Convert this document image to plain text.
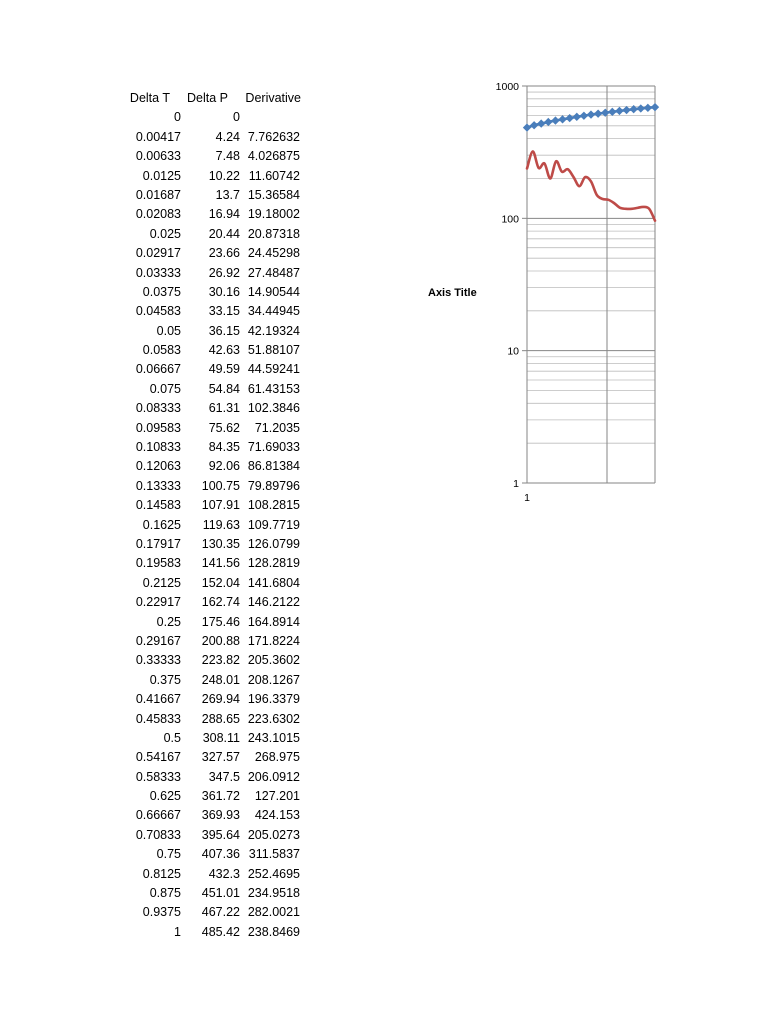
Delta T	Delta P	Derivative
0	0
0.00417	4.24 7.762632
0.00633	7.48 4.026875
0.0125	10.22 11.60742
0.01687	13.7 15.36584
0.02083	16.94 19.18002
0.025	20.44 20.87318
0.02917	23.66 24.45298
0.03333	26.92 27.48487
0.0375	30.16 14.90544
0.04583	33.15 34.44945
0.05	36.15 42.19324
0.0583	42.63 51.88107
0.06667	49.59 44.59241
0.075	54.84 61.43153
0.08333	61.31 102.3846
0.09583	75.62	71.2035
0.10833	84.35 71.69033
0.12063	92.06 86.81384
0.13333	100.75 79.89796
0.14583	107.91 108.2815
0.1625	119.63 109.7719
0.17917	130.35 126.0799
0.19583	141.56 128.2819
0.2125	152.04 141.6804
0.22917	162.74 146.2122
0.25	175.46 164.8914
0.29167	200.88 171.8224
0.33333	223.82 205.3602
0.375	248.01 208.1267
0.41667	269.94 196.3379
0.45833	288.65 223.6302
0.5	308.11 243.1015
0.54167	327.57	268.975
0.58333	347.5 206.0912
0.625	361.72	127.201
0.66667	369.93	424.153
0.70833	395.64 205.0273
0.75	407.36 311.5837
0.8125	432.3 252.4695
0.875	451.01 234.9518
0.9375	467.22 282.0021
1	485.42 238.8469
1000
100
10
1
1
Axis Title
